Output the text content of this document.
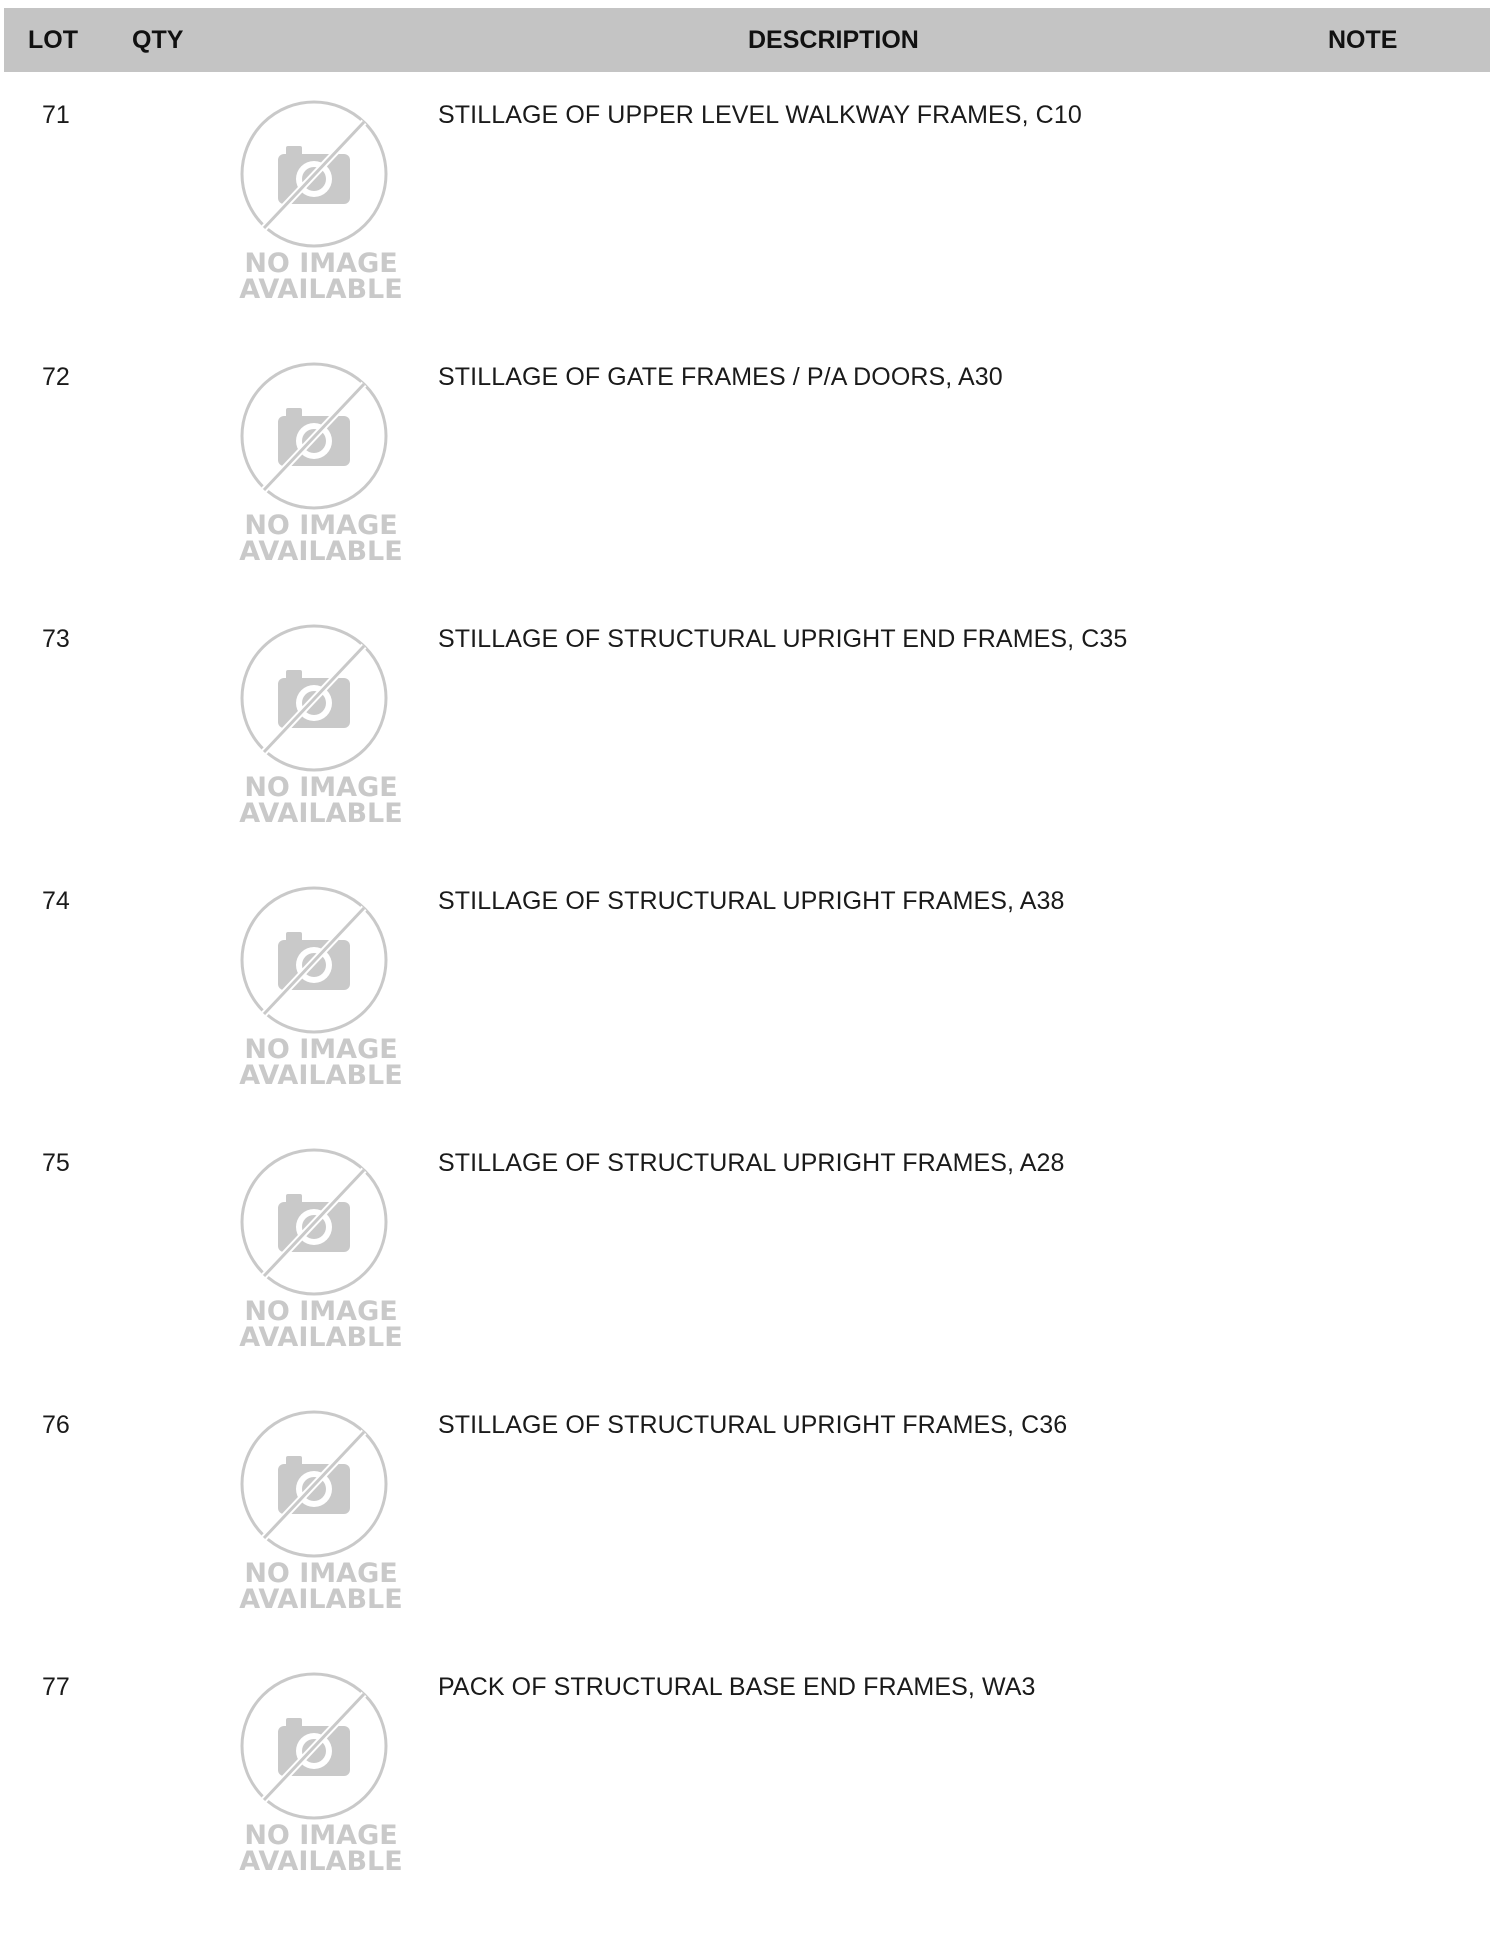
LOT QTY	DESCRIPTION	NOTE
71
NO IMAGE
AVAILABLE
STILLAGE OF UPPER LEVEL WALKWAY FRAMES, C10
72
NO IMAGE
AVAILABLE
STILLAGE OF GATE FRAMES / P/A DOORS, A30
73
NO IMAGE
AVAILABLE
STILLAGE OF STRUCTURAL UPRIGHT END FRAMES, C35
74
NO IMAGE
AVAILABLE
STILLAGE OF STRUCTURAL UPRIGHT FRAMES, A38
75
NO IMAGE
AVAILABLE
STILLAGE OF STRUCTURAL UPRIGHT FRAMES, A28
76
NO IMAGE
AVAILABLE
STILLAGE OF STRUCTURAL UPRIGHT FRAMES, C36
77
NO IMAGE
AVAILABLE
PACK OF STRUCTURAL BASE END FRAMES, WA3
